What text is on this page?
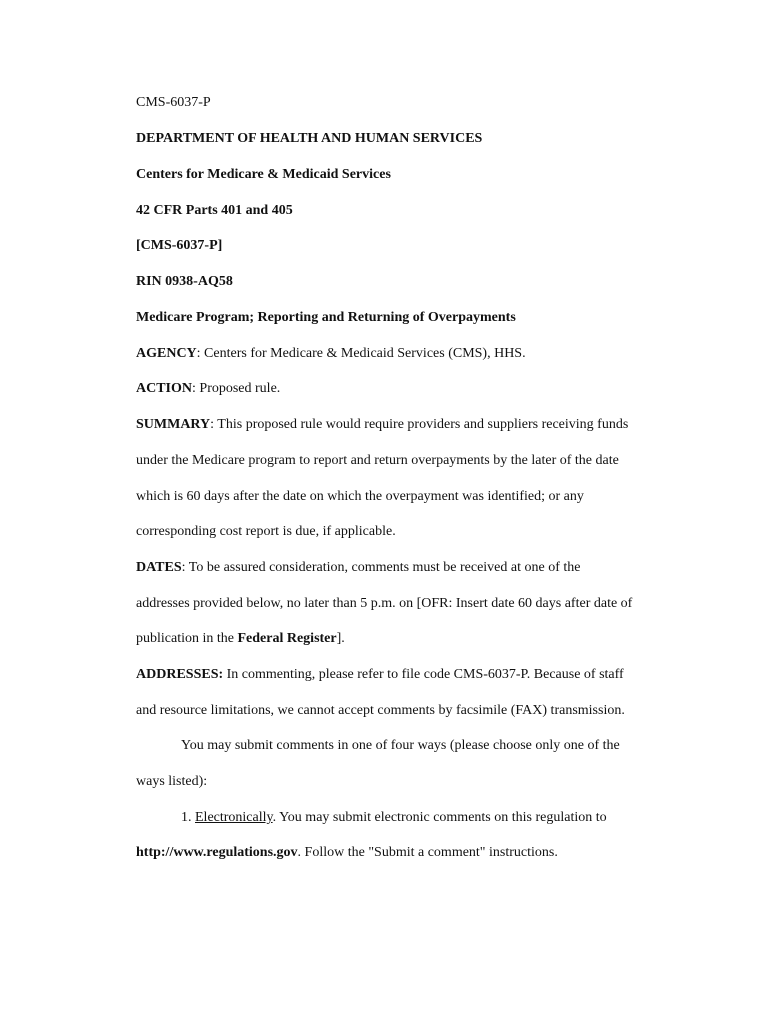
CMS-6037-P
DEPARTMENT OF HEALTH AND HUMAN SERVICES
Centers for Medicare & Medicaid Services
42 CFR Parts 401 and 405
[CMS-6037-P]
RIN 0938-AQ58
Medicare Program; Reporting and Returning of Overpayments
AGENCY: Centers for Medicare & Medicaid Services (CMS), HHS.
ACTION: Proposed rule.
SUMMARY: This proposed rule would require providers and suppliers receiving funds
under the Medicare program to report and return overpayments by the later of the date
which is 60 days after the date on which the overpayment was identified; or any
corresponding cost report is due, if applicable.
DATES: To be assured consideration, comments must be received at one of the
addresses provided below, no later than 5 p.m. on [OFR: Insert date 60 days after date of
publication in the Federal Register].
ADDRESSES: In commenting, please refer to file code CMS-6037-P. Because of staff
and resource limitations, we cannot accept comments by facsimile (FAX) transmission.
You may submit comments in one of four ways (please choose only one of the
ways listed):
1. Electronically. You may submit electronic comments on this regulation to
http://www.regulations.gov. Follow the "Submit a comment" instructions.
